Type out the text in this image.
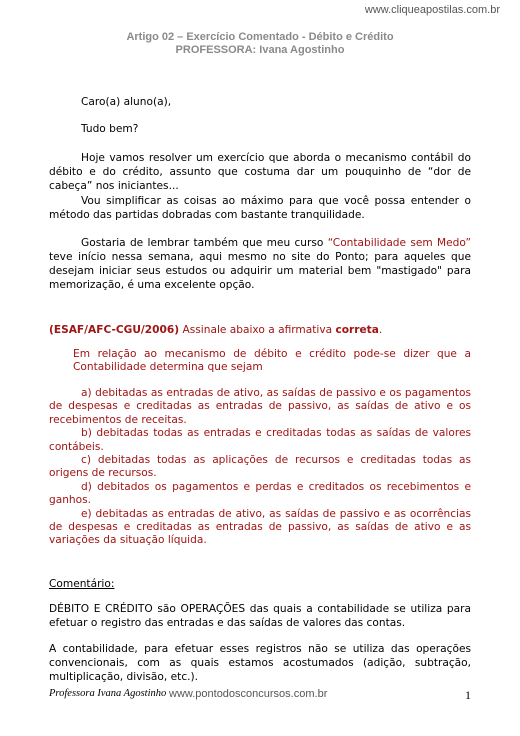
www.cliqueapostilas.com.br
Artigo 02 – Exercício Comentado - Débito e Crédito
PROFESSORA: Ivana Agostinho

Caro(a) aluno(a),

Tudo bem?

Hoje vamos resolver um exercício que aborda o mecanismo contábil do débito e do crédito, assunto que costuma dar um pouquinho de “dor de cabeça” nos iniciantes...

Vou simplificar as coisas ao máximo para que você possa entender o método das partidas dobradas com bastante tranquilidade.

Gostaria de lembrar também que meu curso “Contabilidade sem Medo” teve início nessa semana, aqui mesmo no site do Ponto; para aqueles que desejam iniciar seus estudos ou adquirir um material bem "mastigado" para memorização, é uma excelente opção.

(ESAF/AFC-CGU/2006) Assinale abaixo a afirmativa correta.

Em relação ao mecanismo de débito e crédito pode-se dizer que a Contabilidade determina que sejam

a) debitadas as entradas de ativo, as saídas de passivo e os pagamentos de despesas e creditadas as entradas de passivo, as saídas de ativo e os recebimentos de receitas.

b) debitadas todas as entradas e creditadas todas as saídas de valores contábeis.

c) debitadas todas as aplicações de recursos e creditadas todas as origens de recursos.

d) debitados os pagamentos e perdas e creditados os recebimentos e ganhos.

e) debitadas as entradas de ativo, as saídas de passivo e as ocorrências de despesas e creditadas as entradas de passivo, as saídas de ativo e as variações da situação líquida.

Comentário:

DÉBITO E CRÉDITO são OPERAÇÕES das quais a contabilidade se utiliza para efetuar o registro das entradas e das saídas de valores das contas.

A contabilidade, para efetuar esses registros não se utiliza das operações convencionais, com as quais estamos acostumados (adição, subtração, multiplicação, divisão, etc.).

Professora Ivana Agostinho www.pontodosconcursos.com.br	1
